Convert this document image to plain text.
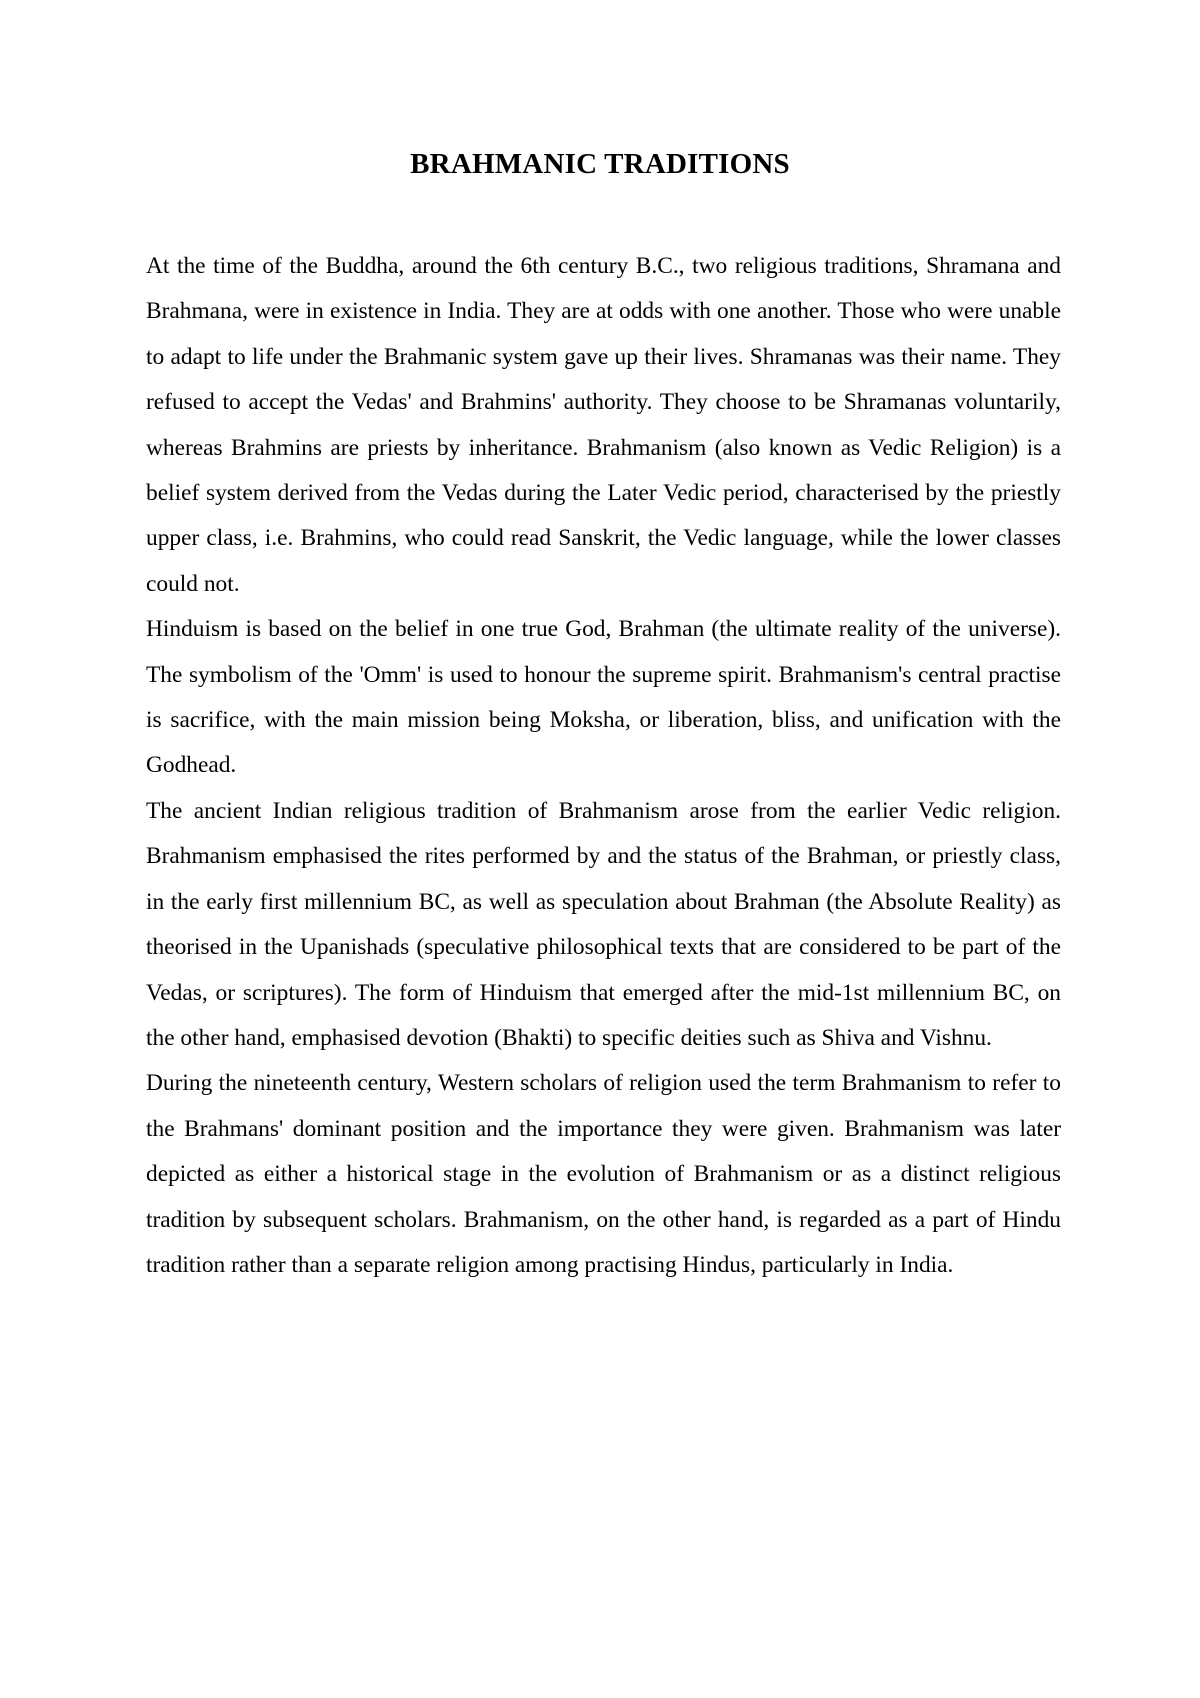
BRAHMANIC TRADITIONS

At the time of the Buddha, around the 6th century B.C., two religious traditions, Shramana and Brahmana, were in existence in India. They are at odds with one another. Those who were unable to adapt to life under the Brahmanic system gave up their lives. Shramanas was their name. They refused to accept the Vedas' and Brahmins' authority. They choose to be Shramanas voluntarily, whereas Brahmins are priests by inheritance. Brahmanism (also known as Vedic Religion) is a belief system derived from the Vedas during the Later Vedic period, characterised by the priestly upper class, i.e. Brahmins, who could read Sanskrit, the Vedic language, while the lower classes could not.

Hinduism is based on the belief in one true God, Brahman (the ultimate reality of the universe). The symbolism of the 'Omm' is used to honour the supreme spirit. Brahmanism's central practise is sacrifice, with the main mission being Moksha, or liberation, bliss, and unification with the Godhead.

The ancient Indian religious tradition of Brahmanism arose from the earlier Vedic religion. Brahmanism emphasised the rites performed by and the status of the Brahman, or priestly class, in the early first millennium BC, as well as speculation about Brahman (the Absolute Reality) as theorised in the Upanishads (speculative philosophical texts that are considered to be part of the Vedas, or scriptures). The form of Hinduism that emerged after the mid-1st millennium BC, on the other hand, emphasised devotion (Bhakti) to specific deities such as Shiva and Vishnu.

During the nineteenth century, Western scholars of religion used the term Brahmanism to refer to the Brahmans' dominant position and the importance they were given. Brahmanism was later depicted as either a historical stage in the evolution of Brahmanism or as a distinct religious tradition by subsequent scholars. Brahmanism, on the other hand, is regarded as a part of Hindu tradition rather than a separate religion among practising Hindus, particularly in India.
